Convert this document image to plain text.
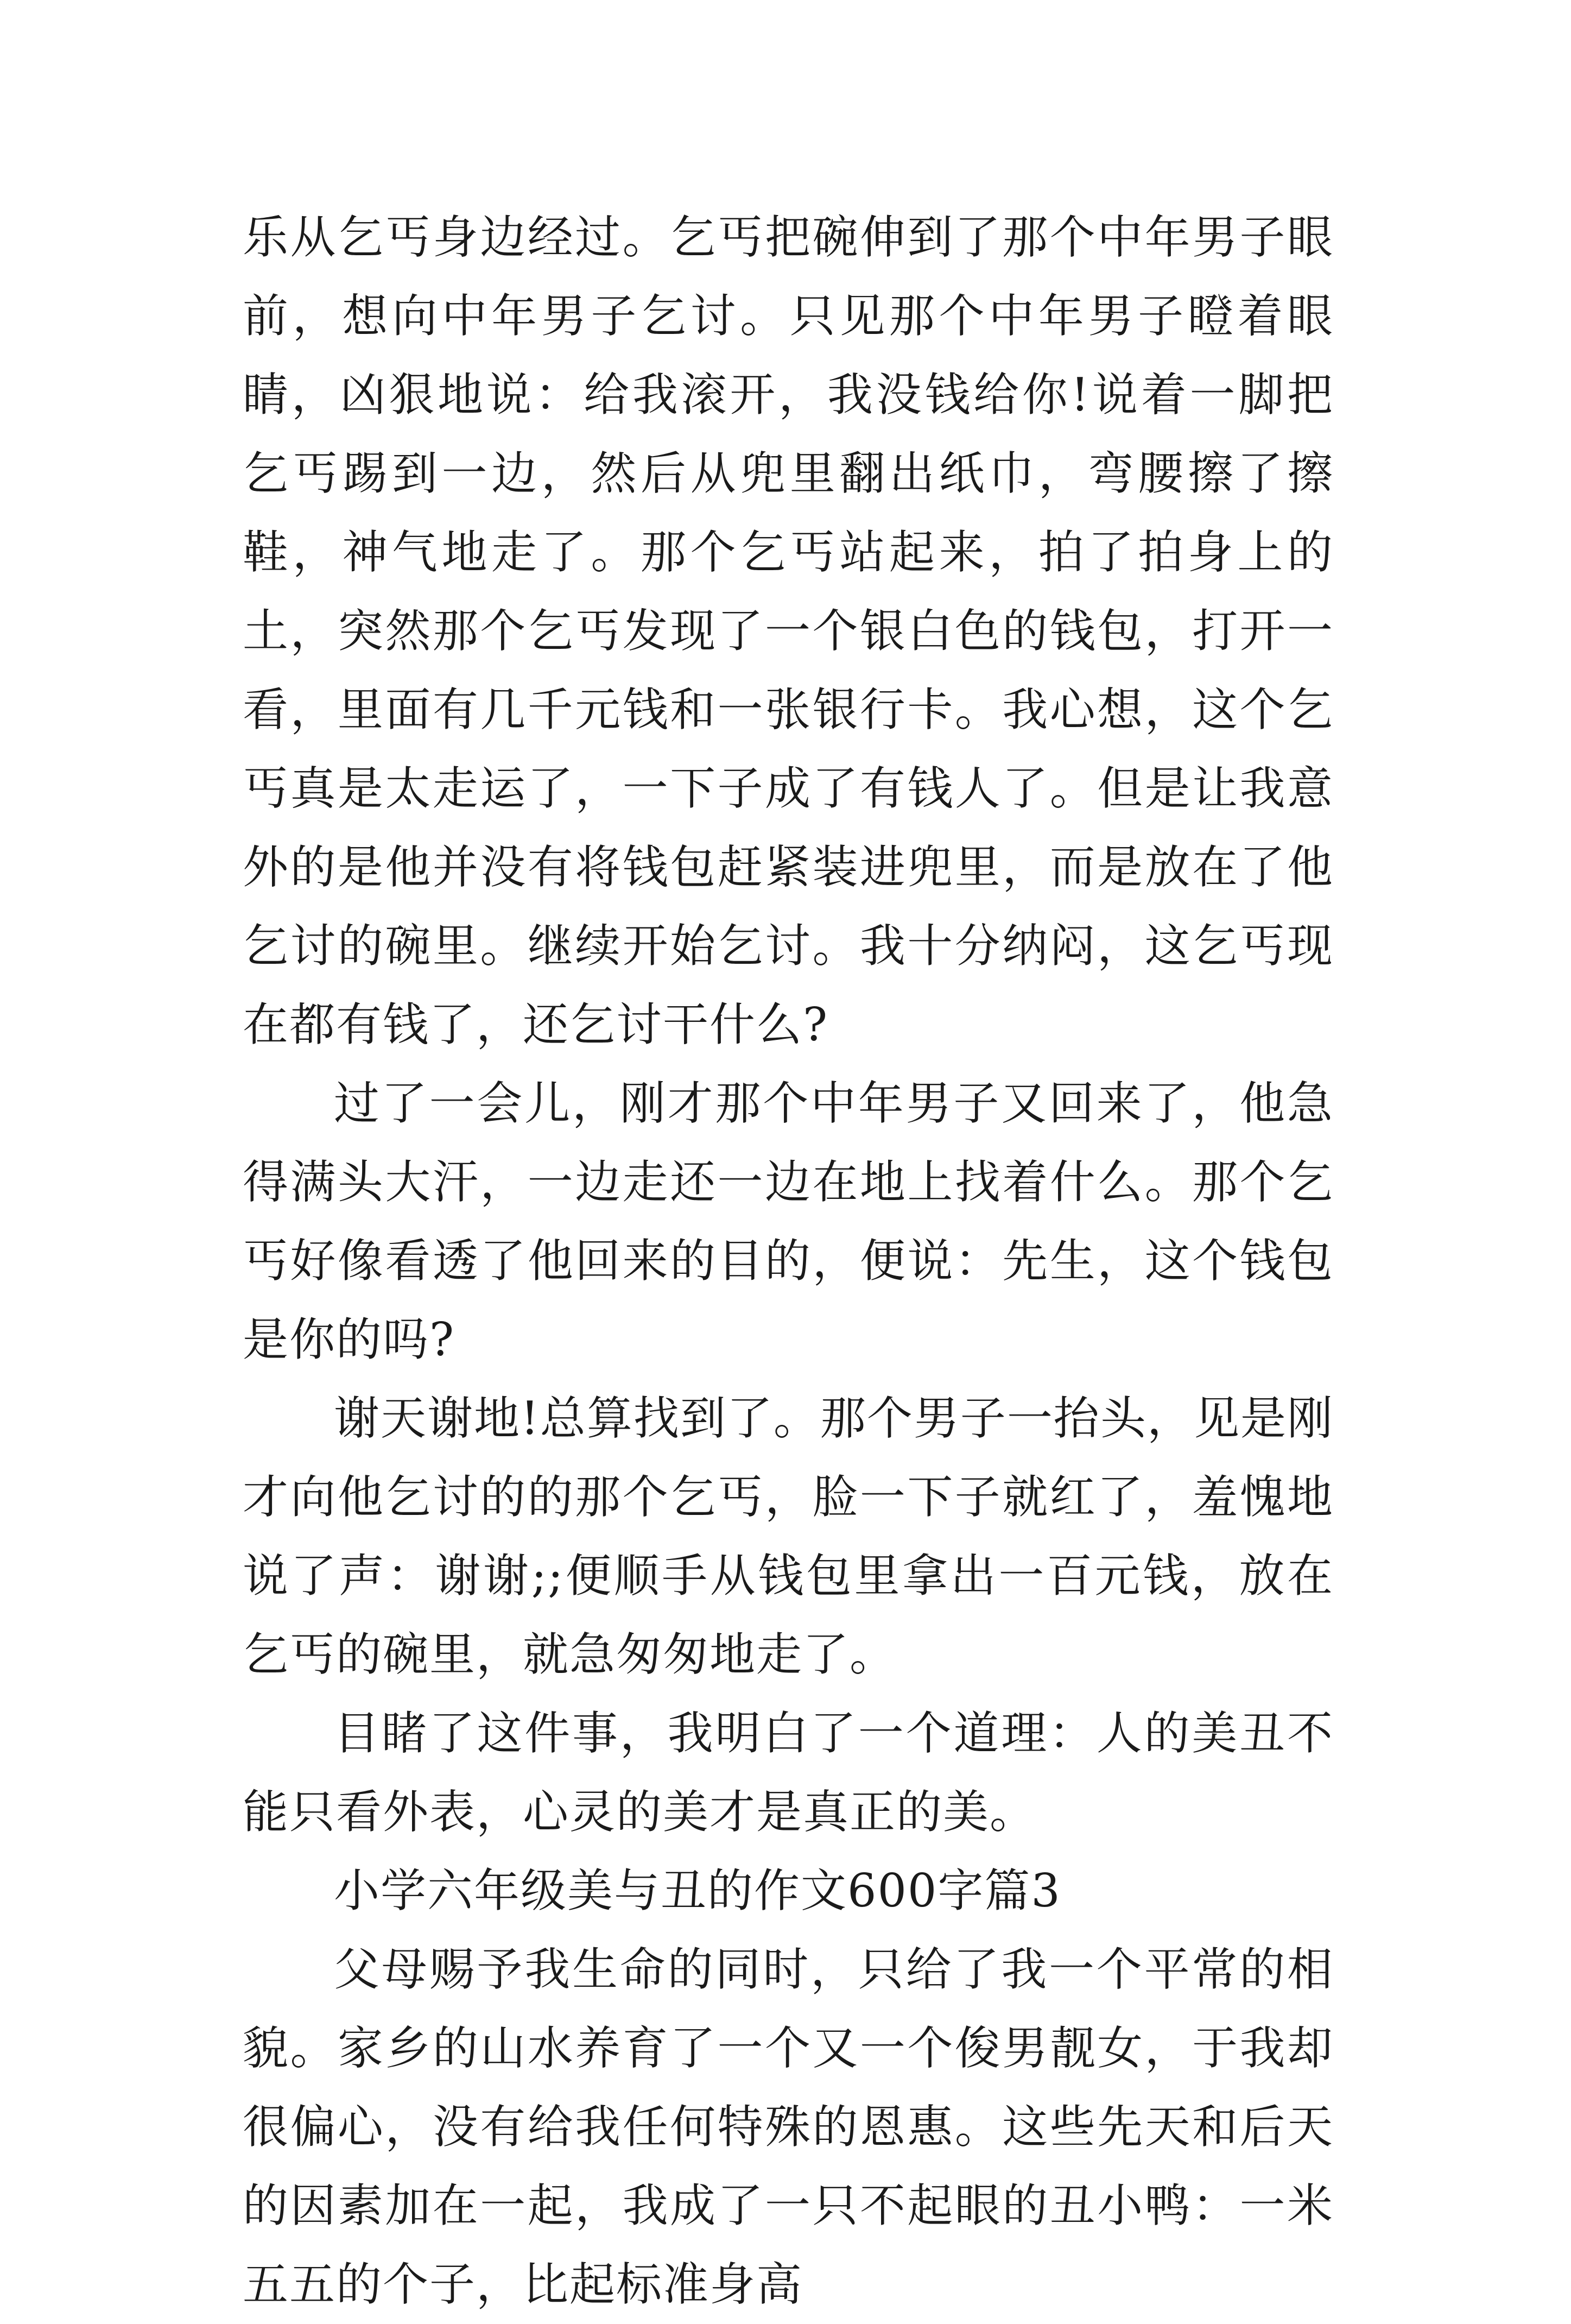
乐从乞丐身边经过。乞丐把碗伸到了那个中年男子眼前，想向中年男子乞讨。只见那个中年男子瞪着眼睛，凶狠地说：给我滚开，我没钱给你!说着一脚把乞丐踢到一边，然后从兜里翻出纸巾，弯腰擦了擦鞋，神气地走了。那个乞丐站起来，拍了拍身上的土，突然那个乞丐发现了一个银白色的钱包，打开一看，里面有几千元钱和一张银行卡。我心想，这个乞丐真是太走运了，一下子成了有钱人了。但是让我意外的是他并没有将钱包赶紧装进兜里，而是放在了他乞讨的碗里。继续开始乞讨。我十分纳闷，这乞丐现在都有钱了，还乞讨干什么?

过了一会儿，刚才那个中年男子又回来了，他急得满头大汗，一边走还一边在地上找着什么。那个乞丐好像看透了他回来的目的，便说：先生，这个钱包是你的吗?

谢天谢地!总算找到了。那个男子一抬头，见是刚才向他乞讨的的那个乞丐，脸一下子就红了，羞愧地说了声：谢谢;;便顺手从钱包里拿出一百元钱，放在乞丐的碗里，就急匆匆地走了。

目睹了这件事，我明白了一个道理：人的美丑不能只看外表，心灵的美才是真正的美。

小学六年级美与丑的作文600字篇3

父母赐予我生命的同时，只给了我一个平常的相貌。家乡的山水养育了一个又一个俊男靓女，于我却很偏心，没有给我任何特殊的恩惠。这些先天和后天的因素加在一起，我成了一只不起眼的丑小鸭：一米五五的个子，比起标准身高
